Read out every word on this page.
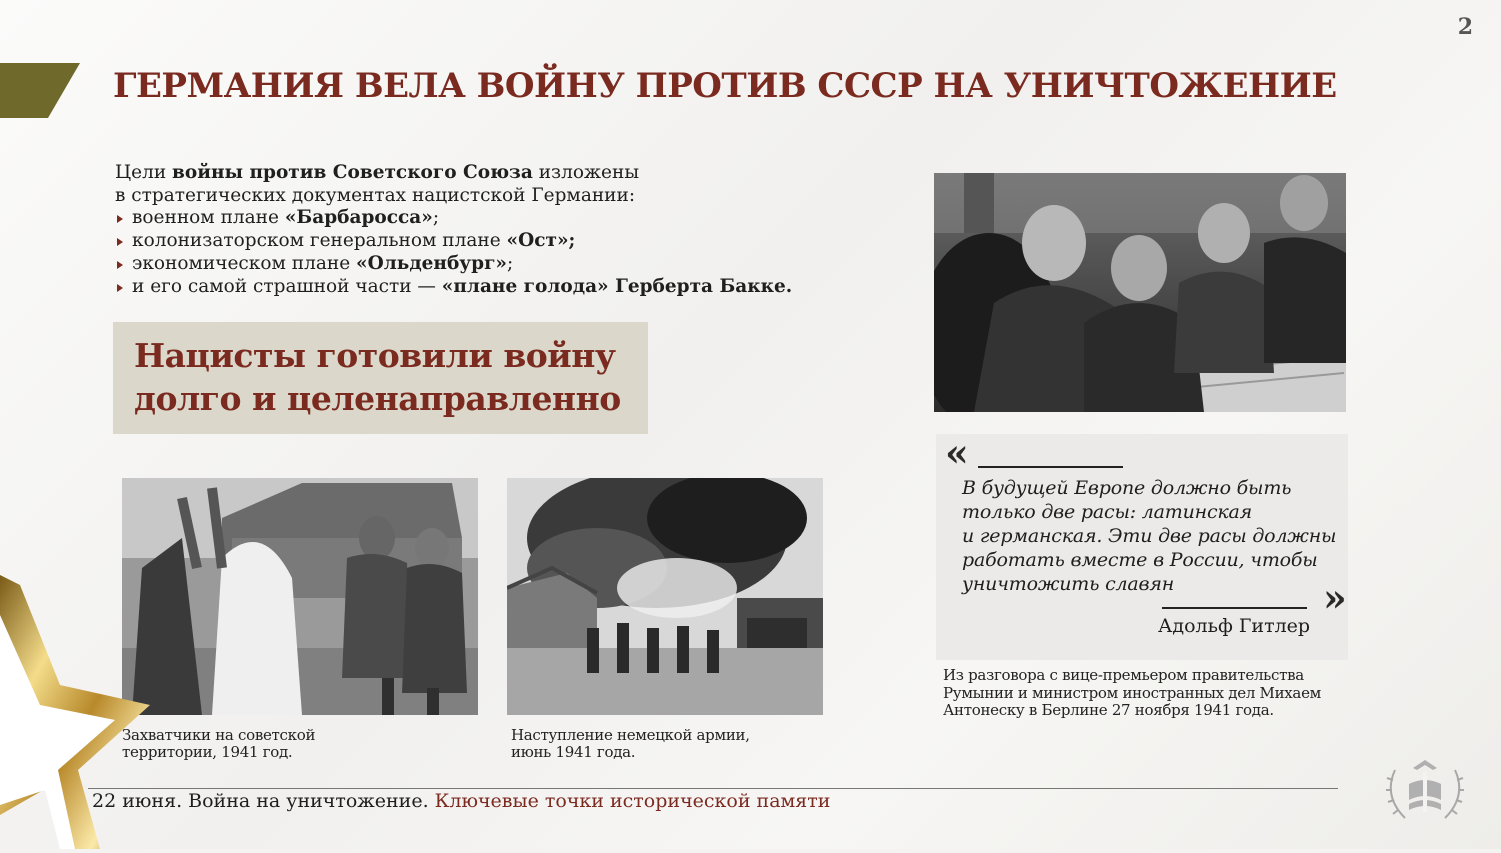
2
ГЕРМАНИЯ ВЕЛА ВОЙНУ ПРОТИВ СССР НА УНИЧТОЖЕНИЕ
Цели войны против Советского Союза изложены
в стратегических документах нацистской Германии:
военном плане «Барбаросса»;
колонизаторском генеральном плане «Ост»;
экономическом плане «Ольденбург»;
и его самой страшной части — «плане голода» Герберта Бакке.
Нацисты готовили войну
долго и целенаправленно
Захватчики на советской
территории, 1941 год.
Наступление немецкой армии,
июнь 1941 года.
«
В будущей Европе должно быть
только две расы: латинская
и германская. Эти две расы должны
работать вместе в России, чтобы
уничтожить славян	»
Адольф Гитлер
Из разговора с вице-премьером правительства
Румынии и министром иностранных дел Михаем
Антонеску в Берлине 27 ноября 1941 года.
22 июня. Война на уничтожение. Ключевые точки исторической памяти
